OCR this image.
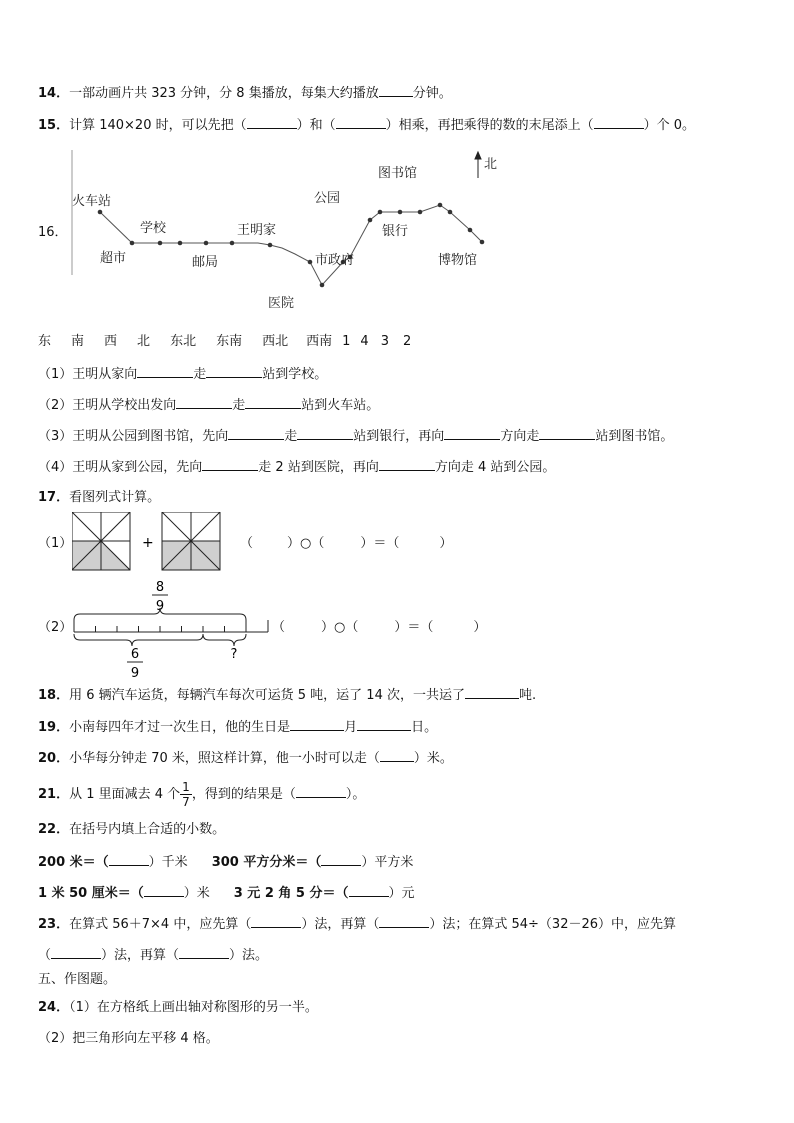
14．一部动画片共 323 分钟，分 8 集播放，每集大约播放	分钟。
15．计算 140×20 时，可以先把（	）和（	）相乘，再把乘得的数的末尾添上（	）个 0。
16．
火车站
超市
学校
邮局
王明家
医院
市政府
公园
图书馆
银行
博物馆
北
东 南 西 北 东北 东南 西北 西南 1 4 3 2
（1）王明从家向	走	站到学校。
（2）王明从学校出发向	走	站到火车站。
（3）王明从公园到图书馆，先向	走	站到银行，再向	方向走	站到图书馆。
（4）王明从家到公园，先向	走 2 站到医院，再向	方向走 4 站到公园。
17．看图列式计算。
（1）	+	（	）○（	）＝（	）
（2）
8
9
6
9
?
（	）○（	）＝（	）
18．用 6 辆汽车运货，每辆汽车每次可运货 5 吨，运了 14 次，一共运了	吨.
19．小南每四年才过一次生日，他的生日是	月	日。
20．小华每分钟走 70 米，照这样计算，他一小时可以走（	）米。
21．从 1 里面减去 4 个 $\frac{1}{7}$ ，得到的结果是（	）。
22．在括号内填上合适的小数。
200 米＝（	）千米 300 平方分米＝（	）平方米
1 米 50 厘米＝（	）米 3 元 2 角 5 分＝（	）元
23．在算式 56＋7×4 中，应先算（	）法，再算（	）法；在算式 54÷（32－26）中，应先算
（	）法，再算（	）法。
五、作图题。
24．（1）在方格纸上画出轴对称图形的另一半。
（2）把三角形向左平移 4 格。
